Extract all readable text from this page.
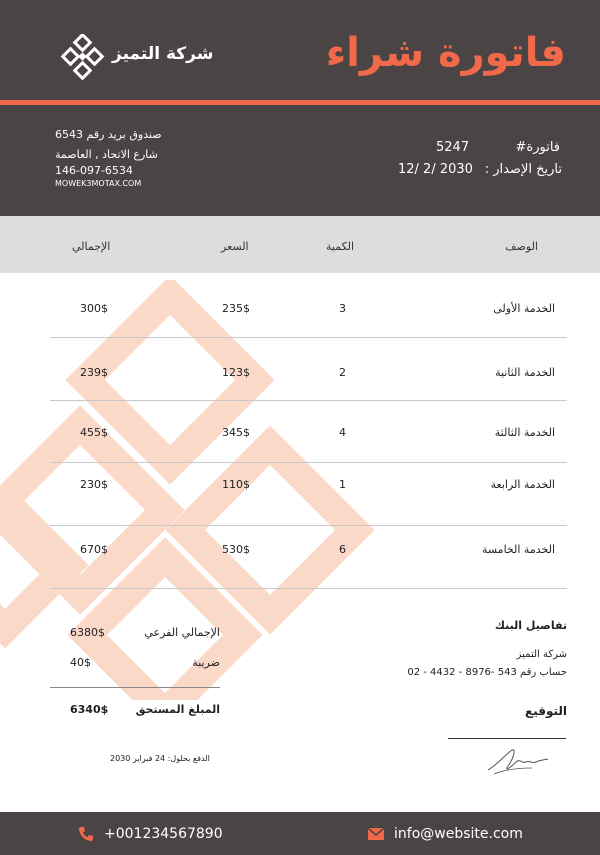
فاتورة شراء
شركة التميز
صندوق بريد رقم 6543
شارع الاتحاد , العاصمة
146-097-6534
MOWEK3MOTAX.COM
فاتورة#
5247
تاريخ الإصدار :
12/ 2/ 2030
الوصف
الكمية
السعر
الإجمالي
الخدمة الأولى
3
235$
300$
الخدمة الثانية
2
123$
239$
الخدمة الثالثة
4
345$
455$
الخدمة الرابعة
1
110$
230$
الخدمة الخامسة
6
530$
670$
الإجمالي الفرعي
6380$
ضريبة
40$
المبلغ المستحق
6340$
الدفع بحلول: 24 فبراير 2030
تفاصيل البنك
شركة التميز
حساب رقم 543 -8976 - 4432 - 02
التوقيع
+001234567890	info@website.com
